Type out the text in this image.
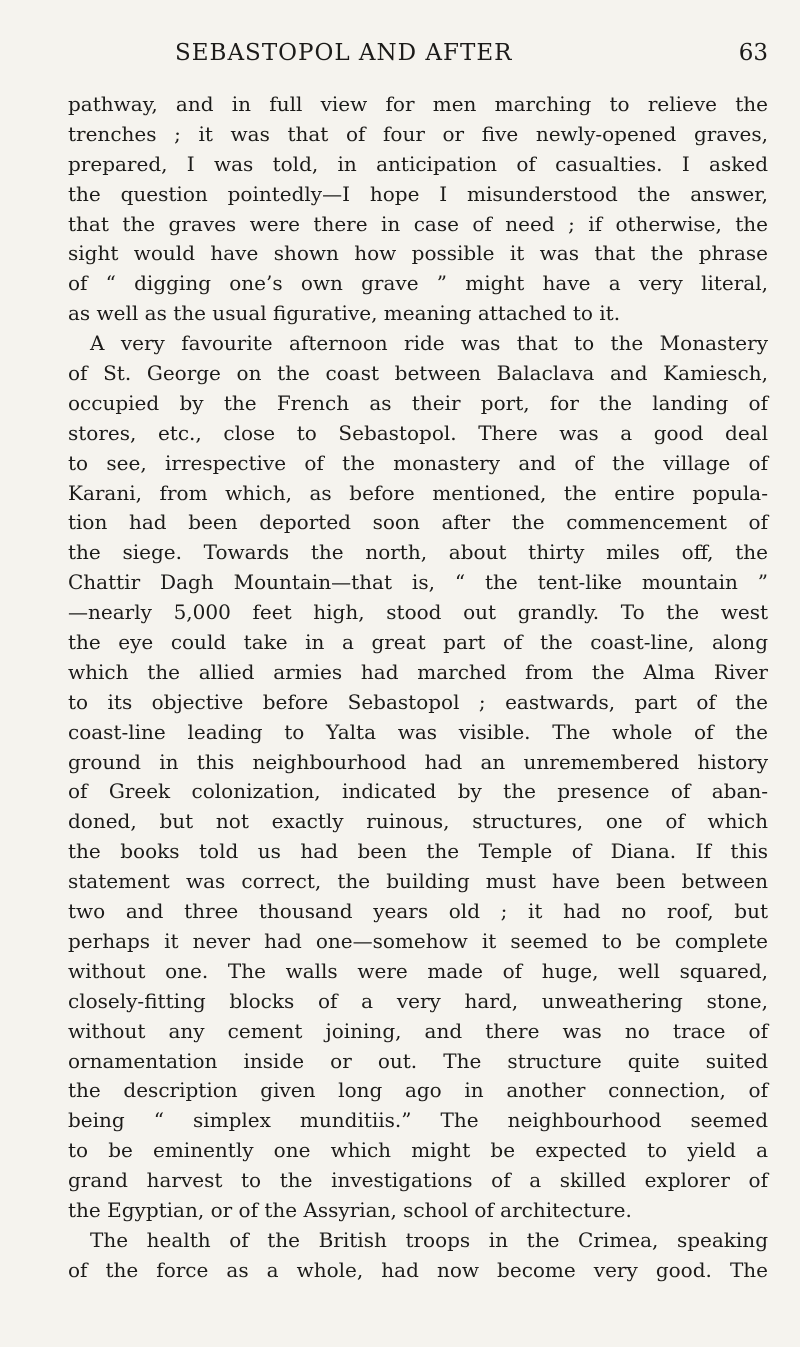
SEBASTOPOL AND AFTER	63
pathway, and in full view for men marching to relieve the
trenches ; it was that of four or five newly-opened graves,
prepared, I was told, in anticipation of casualties. I asked
the question pointedly—I hope I misunderstood the answer,
that the graves were there in case of need ; if otherwise, the
sight would have shown how possible it was that the phrase
of “ digging one’s own grave ” might have a very literal,
as well as the usual figurative, meaning attached to it.
A very favourite afternoon ride was that to the Monastery
of St. George on the coast between Balaclava and Kamiesch,
occupied by the French as their port, for the landing of
stores, etc., close to Sebastopol. There was a good deal
to see, irrespective of the monastery and of the village of
Karani, from which, as before mentioned, the entire popula-
tion had been deported soon after the commencement of
the siege. Towards the north, about thirty miles off, the
Chattir Dagh Mountain—that is, “ the tent-like mountain ”
—nearly 5,000 feet high, stood out grandly. To the west
the eye could take in a great part of the coast-line, along
which the allied armies had marched from the Alma River
to its objective before Sebastopol ; eastwards, part of the
coast-line leading to Yalta was visible. The whole of the
ground in this neighbourhood had an unremembered history
of Greek colonization, indicated by the presence of aban-
doned, but not exactly ruinous, structures, one of which
the books told us had been the Temple of Diana. If this
statement was correct, the building must have been between
two and three thousand years old ; it had no roof, but
perhaps it never had one—somehow it seemed to be complete
without one. The walls were made of huge, well squared,
closely-fitting blocks of a very hard, unweathering stone,
without any cement joining, and there was no trace of
ornamentation inside or out. The structure quite suited
the description given long ago in another connection, of
being “ simplex munditiis.” The neighbourhood seemed
to be eminently one which might be expected to yield a
grand harvest to the investigations of a skilled explorer of
the Egyptian, or of the Assyrian, school of architecture.
The health of the British troops in the Crimea, speaking
of the force as a whole, had now become very good. The
